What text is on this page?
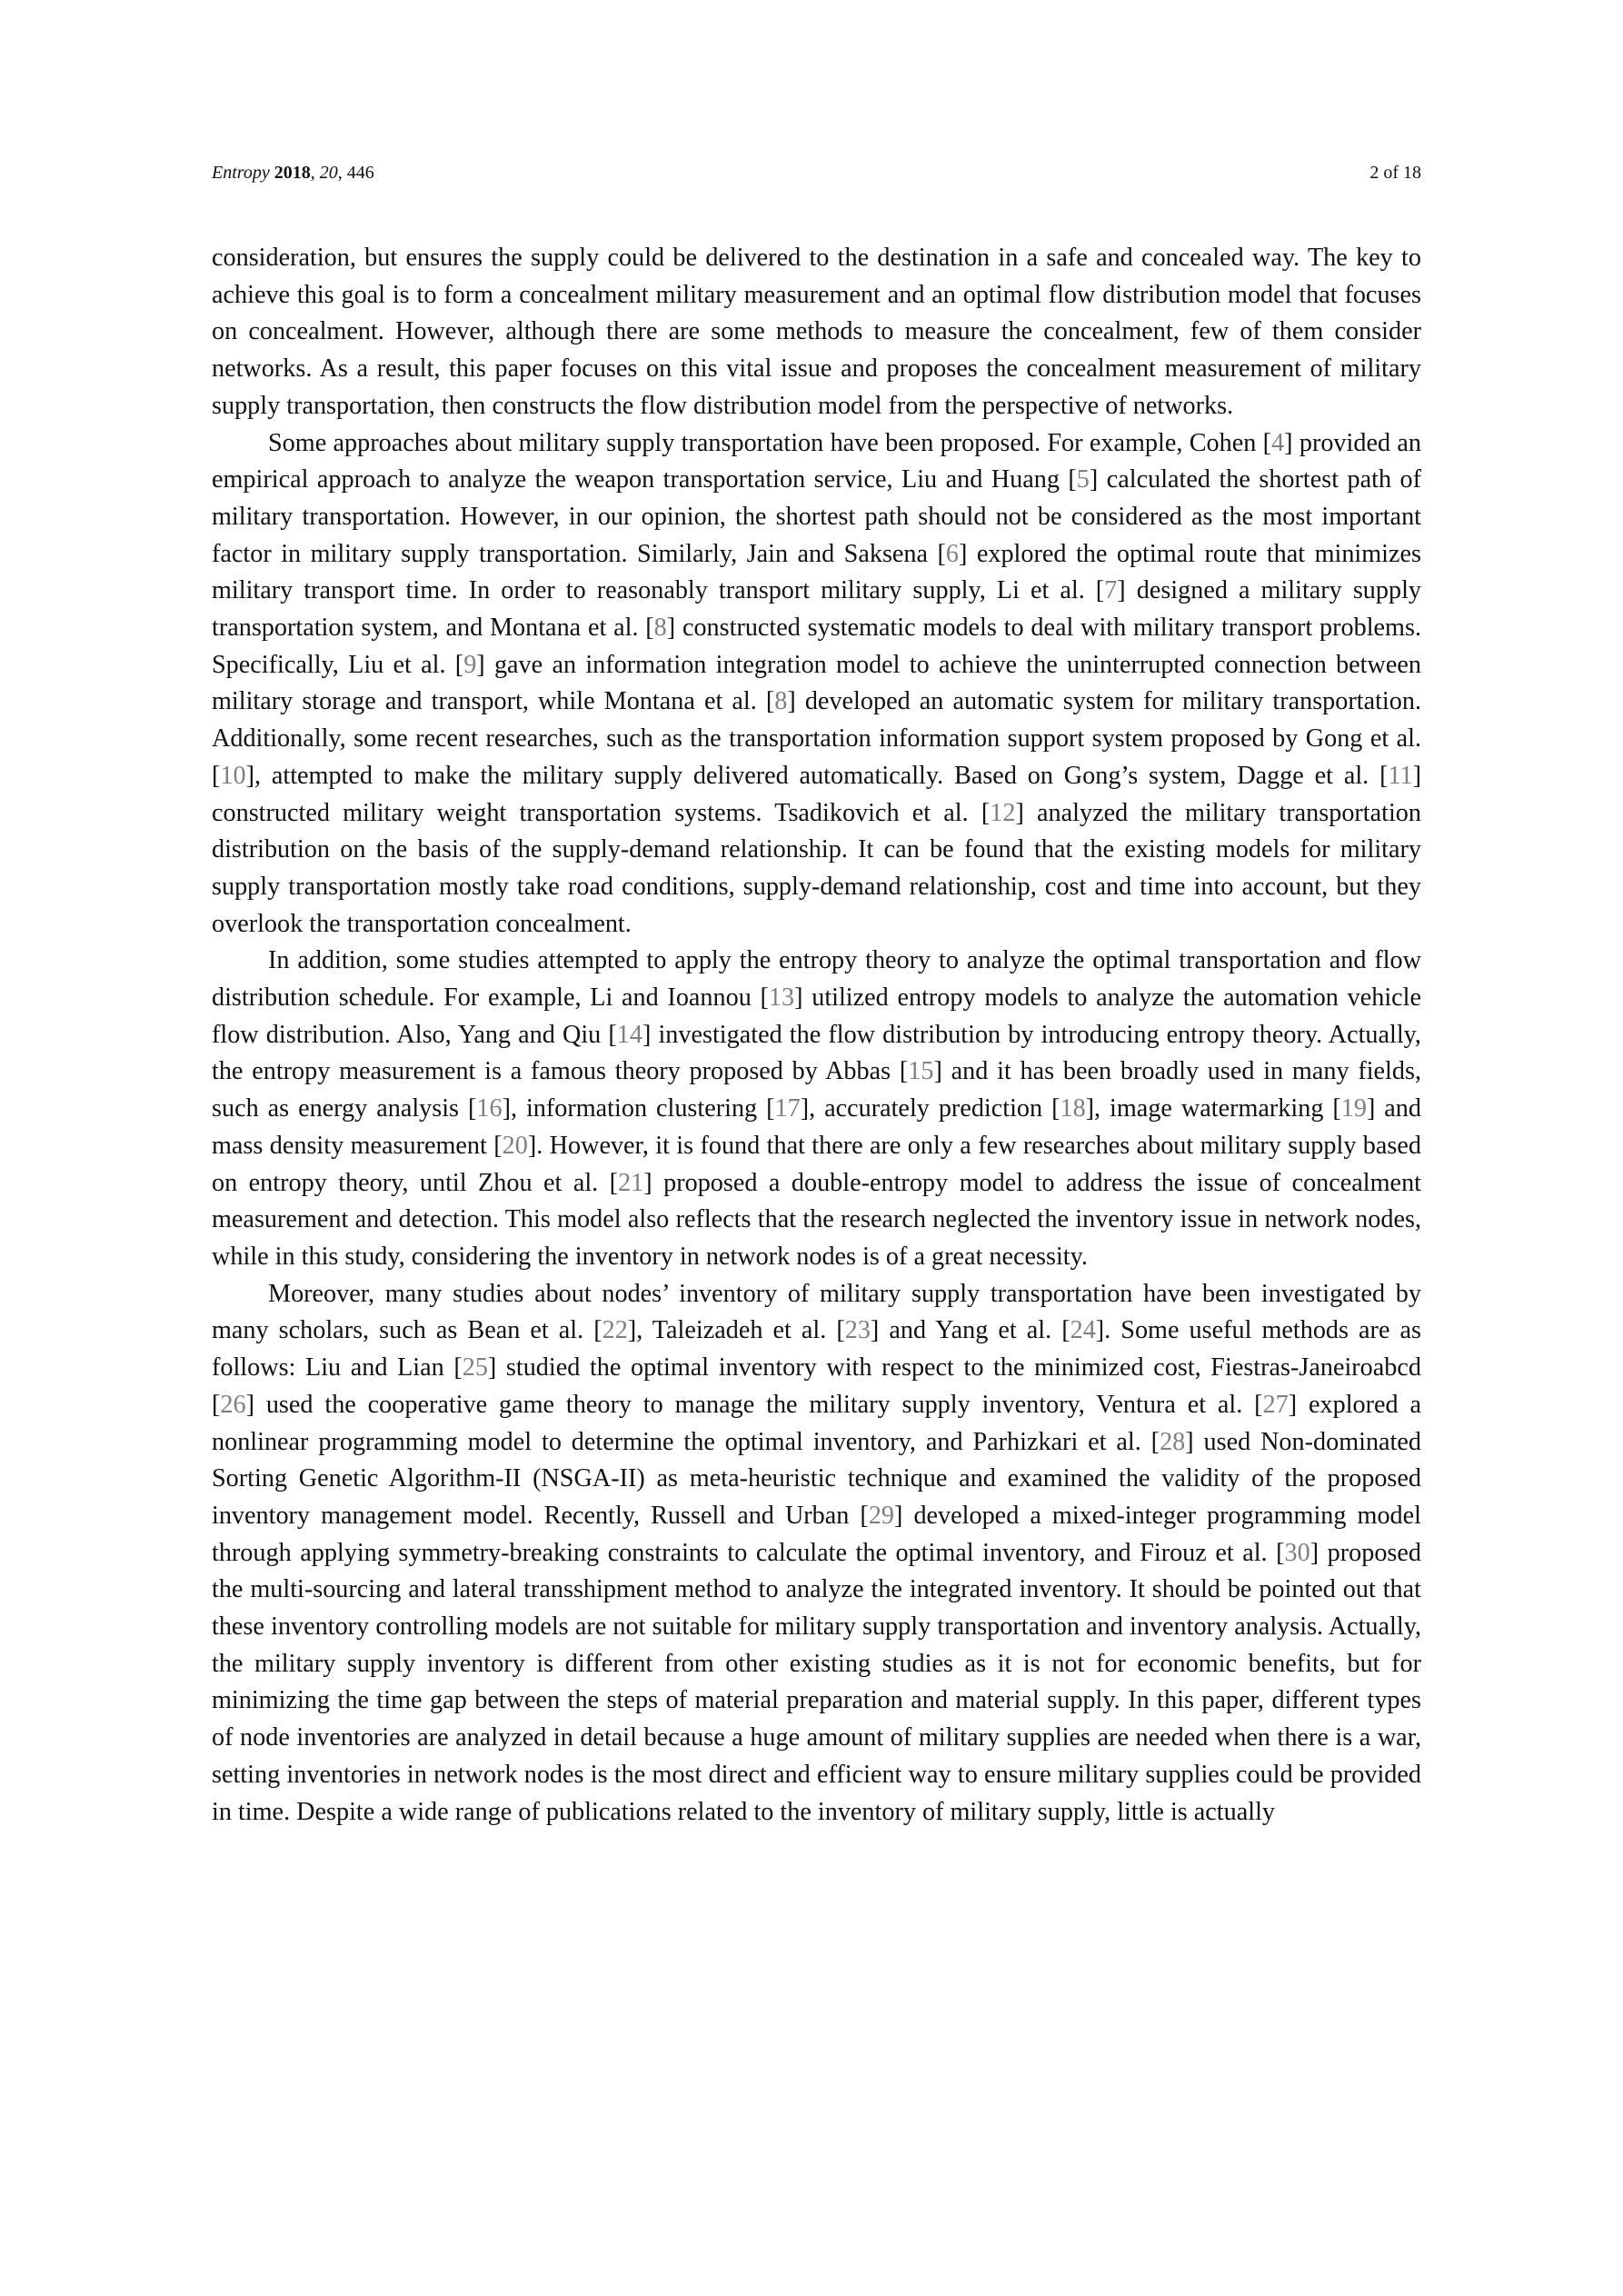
Entropy 2018, 20, 446	2 of 18

consideration, but ensures the supply could be delivered to the destination in a safe and concealed way. The key to achieve this goal is to form a concealment military measurement and an optimal flow distribution model that focuses on concealment. However, although there are some methods to measure the concealment, few of them consider networks. As a result, this paper focuses on this vital issue and proposes the concealment measurement of military supply transportation, then constructs the flow distribution model from the perspective of networks.

Some approaches about military supply transportation have been proposed. For example, Cohen [4] provided an empirical approach to analyze the weapon transportation service, Liu and Huang [5] calculated the shortest path of military transportation. However, in our opinion, the shortest path should not be considered as the most important factor in military supply transportation. Similarly, Jain and Saksena [6] explored the optimal route that minimizes military transport time. In order to reasonably transport military supply, Li et al. [7] designed a military supply transportation system, and Montana et al. [8] constructed systematic models to deal with military transport problems. Specifically, Liu et al. [9] gave an information integration model to achieve the uninterrupted connection between military storage and transport, while Montana et al. [8] developed an automatic system for military transportation. Additionally, some recent researches, such as the transportation information support system proposed by Gong et al. [10], attempted to make the military supply delivered automatically. Based on Gong’s system, Dagge et al. [11] constructed military weight transportation systems. Tsadikovich et al. [12] analyzed the military transportation distribution on the basis of the supply-demand relationship. It can be found that the existing models for military supply transportation mostly take road conditions, supply-demand relationship, cost and time into account, but they overlook the transportation concealment.

In addition, some studies attempted to apply the entropy theory to analyze the optimal transportation and flow distribution schedule. For example, Li and Ioannou [13] utilized entropy models to analyze the automation vehicle flow distribution. Also, Yang and Qiu [14] investigated the flow distribution by introducing entropy theory. Actually, the entropy measurement is a famous theory proposed by Abbas [15] and it has been broadly used in many fields, such as energy analysis [16], information clustering [17], accurately prediction [18], image watermarking [19] and mass density measurement [20]. However, it is found that there are only a few researches about military supply based on entropy theory, until Zhou et al. [21] proposed a double-entropy model to address the issue of concealment measurement and detection. This model also reflects that the research neglected the inventory issue in network nodes, while in this study, considering the inventory in network nodes is of a great necessity.

Moreover, many studies about nodes’ inventory of military supply transportation have been investigated by many scholars, such as Bean et al. [22], Taleizadeh et al. [23] and Yang et al. [24]. Some useful methods are as follows: Liu and Lian [25] studied the optimal inventory with respect to the minimized cost, Fiestras-Janeiroabcd [26] used the cooperative game theory to manage the military supply inventory, Ventura et al. [27] explored a nonlinear programming model to determine the optimal inventory, and Parhizkari et al. [28] used Non-dominated Sorting Genetic Algorithm-II (NSGA-II) as meta-heuristic technique and examined the validity of the proposed inventory management model. Recently, Russell and Urban [29] developed a mixed-integer programming model through applying symmetry-breaking constraints to calculate the optimal inventory, and Firouz et al. [30] proposed the multi-sourcing and lateral transshipment method to analyze the integrated inventory. It should be pointed out that these inventory controlling models are not suitable for military supply transportation and inventory analysis. Actually, the military supply inventory is different from other existing studies as it is not for economic benefits, but for minimizing the time gap between the steps of material preparation and material supply. In this paper, different types of node inventories are analyzed in detail because a huge amount of military supplies are needed when there is a war, setting inventories in network nodes is the most direct and efficient way to ensure military supplies could be provided in time. Despite a wide range of publications related to the inventory of military supply, little is actually
